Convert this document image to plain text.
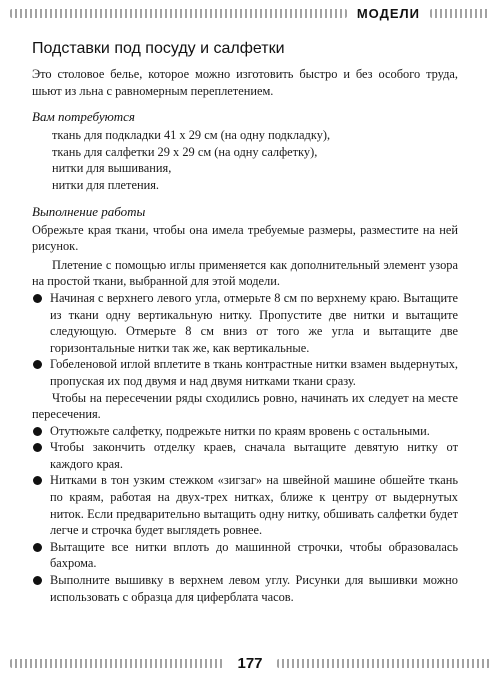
МОДЕЛИ
Подставки под посуду и салфетки

Это столовое белье, которое можно изготовить быстро и без особого труда, шьют из льна с равномерным переплетением.

Вам потребуются
ткань для подкладки 41 х 29 см (на одну подкладку),
ткань для салфетки 29 х 29 см (на одну салфетку),
нитки для вышивания,
нитки для плетения.
Выполнение работы

Обрежьте края ткани, чтобы она имела требуемые размеры, разместите на ней рисунок.

Плетение с помощью иглы применяется как дополнительный элемент узора на простой ткани, выбранной для этой модели.

Начиная с верхнего левого угла, отмерьте 8 см по верхнему краю. Вытащите из ткани одну вертикальную нитку. Пропустите две нитки и вытащите следующую. Отмерьте 8 см вниз от того же угла и вытащите две горизонтальные нитки так же, как вертикальные.
Гобеленовой иглой вплетите в ткань контрастные нитки взамен выдернутых, пропуская их под двумя и над двумя нитками ткани сразу.

Чтобы на пересечении ряды сходились ровно, начинать их следует на месте пересечения.

Отутюжьте салфетку, подрежьте нитки по краям вровень с остальными.
Чтобы закончить отделку краев, сначала вытащите девятую нитку от каждого края.
Нитками в тон узким стежком «зигзаг» на швейной машине обшейте ткань по краям, работая на двух-трех нитках, ближе к центру от выдернутых ниток. Если предварительно вытащить одну нитку, обшивать салфетки будет легче и строчка будет выглядеть ровнее.
Вытащите все нитки вплоть до машинной строчки, чтобы образовалась бахрома.
Выполните вышивку в верхнем левом углу. Рисунки для вышивки можно использовать с образца для циферблата часов.
177
